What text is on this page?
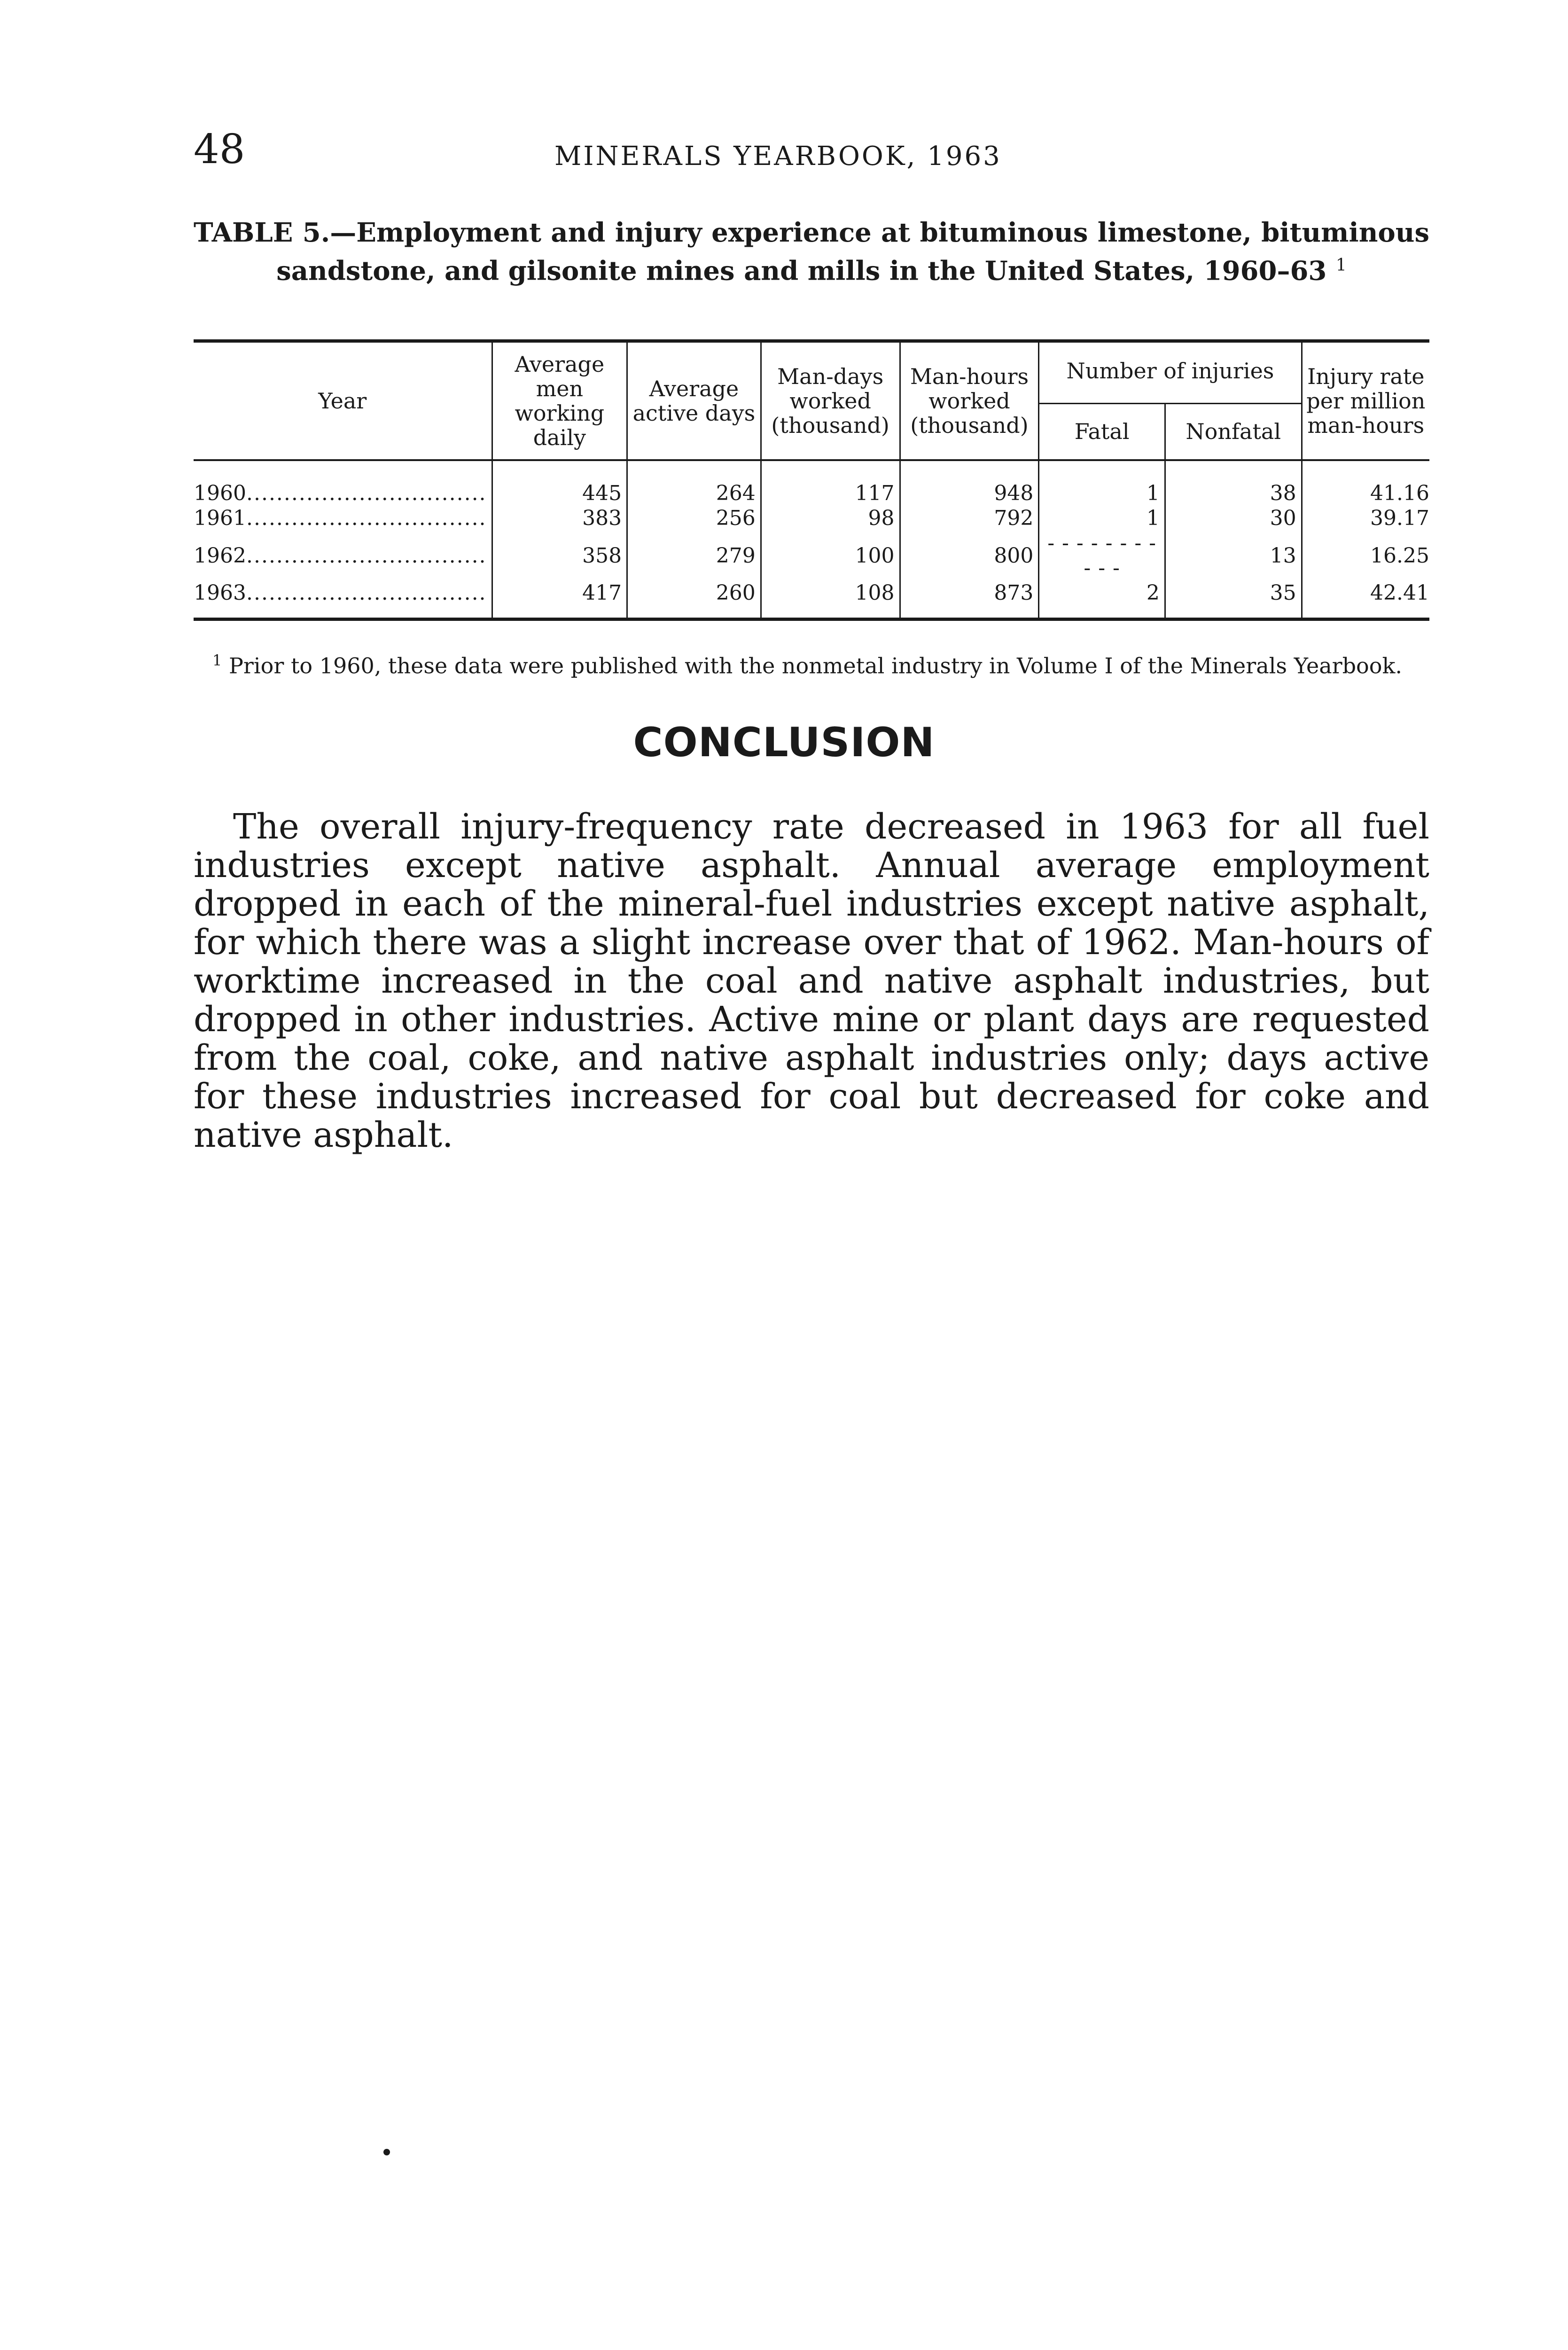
48	MINERALS YEARBOOK, 1963
TABLE 5.—Employment and injury experience at bituminous limestone, bituminous sandstone, and gilsonite mines and mills in the United States, 1960–63 $^1$
Year	Average men working daily	Average active days	Man-days worked (thousand)	Man-hours worked (thousand)	Number of injuries		Injury rate per million man-hours
					Fatal	Nonfatal	
1960................................	445	264	117	948	1	38	41.16
1961................................	383	256	98	792	1	30	39.17
1962................................	358	279	100	800	- - - - - - - - - - -	13	16.25
1963................................	417	260	108	873	2	35	42.41
$^1$ Prior to 1960, these data were published with the nonmetal industry in Volume I of the Minerals Yearbook.
CONCLUSION
The overall injury-frequency rate decreased in 1963 for all fuel industries except native asphalt. Annual average employment dropped in each of the mineral-fuel industries except native asphalt, for which there was a slight increase over that of 1962. Man-hours of worktime increased in the coal and native asphalt industries, but dropped in other industries. Active mine or plant days are requested from the coal, coke, and native asphalt industries only; days active for these industries increased for coal but decreased for coke and native asphalt.
